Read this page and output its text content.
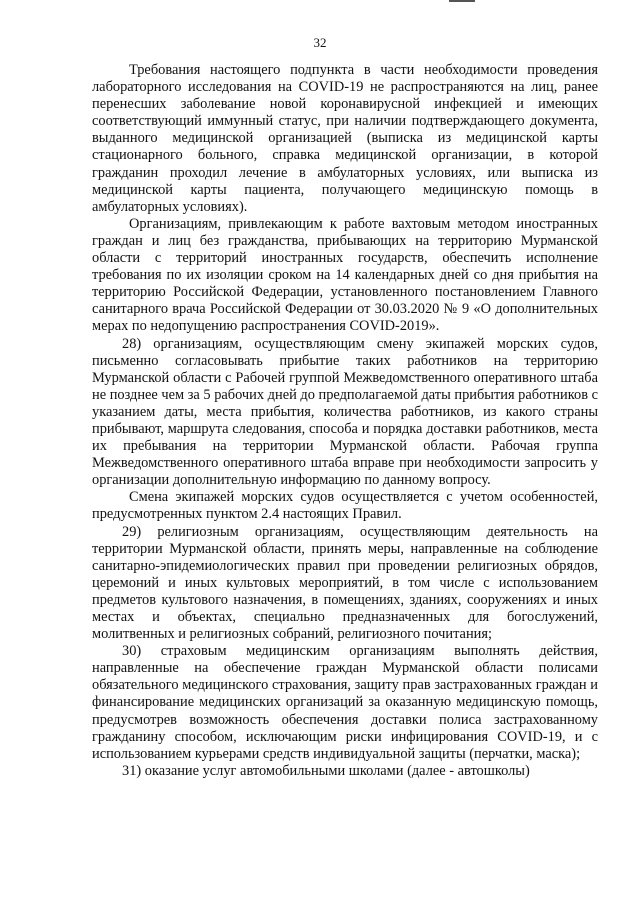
32

Требования настоящего подпункта в части необходимости проведения лабораторного исследования на COVID-19 не распространяются на лиц, ранее перенесших заболевание новой коронавирусной инфекцией и имеющих соответствующий иммунный статус, при наличии подтверждающего документа, выданного медицинской организацией (выписка из медицинской карты стационарного больного, справка медицинской организации, в которой гражданин проходил лечение в амбулаторных условиях, или выписка из медицинской карты пациента, получающего медицинскую помощь в амбулаторных условиях).

Организациям, привлекающим к работе вахтовым методом иностранных граждан и лиц без гражданства, прибывающих на территорию Мурманской области с территорий иностранных государств, обеспечить исполнение требования по их изоляции сроком на 14 календарных дней со дня прибытия на территорию Российской Федерации, установленного постановлением Главного санитарного врача Российской Федерации от 30.03.2020 № 9 «О дополнительных мерах по недопущению распространения COVID-2019».

28) организациям, осуществляющим смену экипажей морских судов, письменно согласовывать прибытие таких работников на территорию Мурманской области с Рабочей группой Межведомственного оперативного штаба не позднее чем за 5 рабочих дней до предполагаемой даты прибытия работников с указанием даты, места прибытия, количества работников, из какого страны прибывают, маршрута следования, способа и порядка доставки работников, места их пребывания на территории Мурманской области. Рабочая группа Межведомственного оперативного штаба вправе при необходимости запросить у организации дополнительную информацию по данному вопросу.

Смена экипажей морских судов осуществляется с учетом особенностей, предусмотренных пунктом 2.4 настоящих Правил.

29) религиозным организациям, осуществляющим деятельность на территории Мурманской области, принять меры, направленные на соблюдение санитарно-эпидемиологических правил при проведении религиозных обрядов, церемоний и иных культовых мероприятий, в том числе с использованием предметов культового назначения, в помещениях, зданиях, сооружениях и иных местах и объектах, специально предназначенных для богослужений, молитвенных и религиозных собраний, религиозного почитания;

30) страховым медицинским организациям выполнять действия, направленные на обеспечение граждан Мурманской области полисами обязательного медицинского страхования, защиту прав застрахованных граждан и финансирование медицинских организаций за оказанную медицинскую помощь, предусмотрев возможность обеспечения доставки полиса застрахованному гражданину способом, исключающим риски инфицирования COVID-19, и с использованием курьерами средств индивидуальной защиты (перчатки, маска);

31) оказание услуг автомобильными школами (далее - автошколы)
